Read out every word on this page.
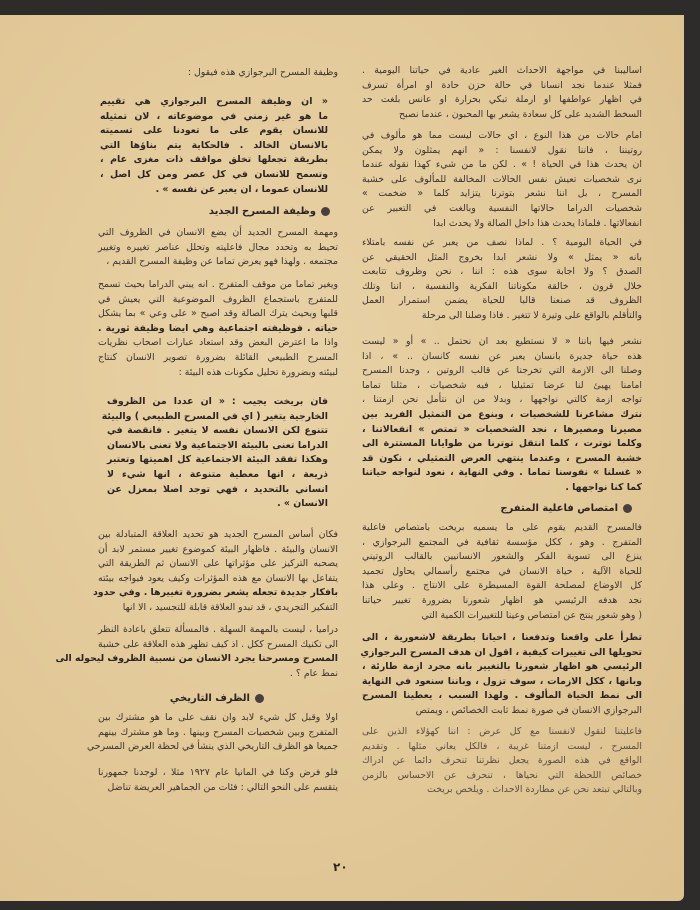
اساليبنا في مواجهة الاحداث الغير عادية في حياتنا اليومية .
فمثلا عندما نجد انسانا في حالة حزن حادة او امرأة تسرف
في اظهار عواطفها او ارملة تبكي بحرارة او عانس بلغت حد
السخط الشديد على كل سعادة يشعر بها المحبون ، عندما نصبح
امام حالات من هذا النوع ، اي حالات ليست مما هو مألوف في
روتيننا ، فاننا نقول لانفسنا : « انهم يمثلون ولا يمكن
ان يحدث هذا في الحياة ! » . لكن ما من شيء كهذا نقوله عندما
نرى شخصيات تعيش نفس الحالات المخالفة للمألوف على خشبة
المسرح ، بل اننا نشعر بتوترنا يتزايد كلما « ضخمت »
شخصيات الدراما حالاتها النفسية وبالغت في التعبير عن
انفعالاتها . فلماذا يحدث هذا داخل الصالة ولا يحدث ابدا
في الحياة اليومية ؟ . لماذا نصف من يعبر عن نفسه بامتلاء
بانه « يمثل » ولا نشعر ابدا بخروج المثل الحقيقي عن
الصدق ؟ ولا اجابة سوى هذه : اننا ، نحن وظروف تتابعت
خلال قرون ، خالقة مكوناتنا الفكرية والنفسية ، اننا وتلك
الظروف قد صنعنا قالبا للحياة يضمن استمرار العمل
والتأقلم بالواقع على وتيرة لا تتغير . فاذا وصلنا الى مرحلة
نشعر فيها باننا « لا نستطيع بعد ان نحتمل .. » أو « ليست
هذه حياة جديرة بانسان يعبر عن نفسه كانسان .. » ، اذا
وصلنا الى الازمة التي تخرجنا عن قالب الروتين ، وجدنا المسرح
امامنا يهيئ لنا عرضا تمثيليا ، فيه شخصيات ، مثلنا تماما
تواجه ازمة كالتي نواجهها ، وبدلا من ان نتأمل نحن ازمتنا ،
نترك مشاعرنا للشخصيات ، وبنوع من التمثيل الفريد بين
مصيرنا ومصيرها ، نجد الشخصيات « تمتص » انفعالاتنا ،
وكلما توترت ، كلما انتقل توترنا من طوايانا المستترة الى
خشبة المسرح ، وعندما ينتهي العرض التمثيلي ، نكون قد
« غسلنا » نفوسنا تماما . وفي النهاية ، نعود لنواجه حياتنا
كما كنا نواجهها .
امتصاص فاعلية المتفرج
فالمسرح القديم يقوم على ما يسميه بريخت بامتصاص فاعلية
المتفرج . وهو ، ككل مؤسسة ثقافية في المجتمع البرجوازي ،
ينزع الى تسوية الفكر والشعور الانسانيين بالقالب الروتيني
للحياة الآلية ، حياة الانسان في مجتمع رأسمالي يحاول تجميد
كل الاوضاع لمصلحة القوة المسيطرة على الانتاج . وعلى هذا
نجد هدفه الرئيسي هو اظهار شعورنا بضرورة تغيير حياتنا
( وهو شعور ينتج عن امتصاص وعينا للتغييرات الكمية التي
تطرأ على واقعنا وتدفعنا ، احيانا بطريقة لاشعورية ، الى
تحويلها الى تغييرات كيفية ، اقول ان هدف المسرح البرجوازي
الرئيسي هو اظهار شعورنا بالتغيير بانه مجرد ازمة طارئة ،
وبانها ، ككل الازمات ، سوف تزول ، وباننا سنعود في النهاية
الى نمط الحياة المألوف . ولهذا السبب ، يعطينا المسرح
البرجوازي الانسان في صورة نمط ثابت الخصائص ، ويمتص
فاعليتنا لنقول لانفسنا مع كل عرض : اننا كهؤلاء الذين على
المسرح ، ليست ازمتنا غريبة ، فالكل يعاني مثلها . وتقديم
الواقع في هذه الصورة يجعل نظرتنا تنحرف دائما عن ادراك
خصائص اللحظة التي نحياها ، تنحرف عن الاحساس بالزمن
وبالتالي تبتعد نحن عن مطاردة الاحداث . ويلخص بريخت
وظيفة المسرح البرجوازي هذه فيقول :
« ان وظيفة المسرح البرجوازي هي تقييم
ما هو غير زمني في موضوعاته ، لان تمثيله
للانسان يقوم على ما تعودنا على تسميته
بالانسان الخالد . فالحكاية يتم بناؤها التي
بطريقة تجعلها تخلق مواقف ذات مغزى عام ،
وتسمح للانسان في كل عصر ومن كل اصل ،
للانسان عموما ، ان يعبر عن نفسه » .
وظيفة المسرح الجديد
ومهمة المسرح الجديد أن يضع الانسان في الظروف التي
تحيط به وتحدد مجال فاعليته وتحلل عناصر تغييره وتغيير
مجتمعه . ولهذا فهو يعرض تماما عن وظيفة المسرح القديم ،
ويغير تماما من موقف المتفرج . انه يبني الدراما بحيث تسمح
للمتفرج باستجماع الظروف الموضوعية التي يعيش في
قلبها وبحيث يترك الصالة وقد اصبح « على وعي » بما يشكل
حياته . فوظيفته اجتماعية وهي ايضا وظيفة ثورية .
واذا ما اعترض البعض وقد استعاد عبارات اصحاب نظريات
المسرح الطبيعي القائلة بضرورة تصوير الانسان كنتاج
لبيئته وبضرورة تحليل مكونات هذه البيئة :
فان بريخت يجيب : « ان عددا من الظروف
الخارجية يتغير ( اي في المسرح الطبيعي ) والبيئة
تتنوع لكن الانسان نفسه لا يتغير . فانقصة في
الدراما تعنى بالبيئة الاجتماعية ولا تعنى بالانسان
وهكذا تفقد البيئة الاجتماعية كل اهميتها وتعتبر
ذريعة ، انها معطية متنوعة ، انها شيء لا
انساني بالتحديد ، فهي توجد اصلا بمعزل عن
الانسان » .
فكان أساس المسرح الجديد هو تحديد العلاقة المتبادلة بين
الانسان والبيئة . فاظهار البيئة كموضوع تغيير مستمر لابد أن
يصحبه التركيز على مؤثراتها على الانسان ثم الطريقة التي
يتفاعل بها الانسان مع هذه المؤثرات وكيف يعود فيواجه بيئته
بافكار جديدة تجعله يشعر بضرورة تغييرها . وفي حدود
التفكير التجريدي ، قد تبدو العلاقة قابلة للتجسيد ، الا انها
دراميا ، ليست بالمهمة السهلة . فالمسألة تتعلق باعادة النظر
الى تكنيك المسرح ككل . اذ كيف تظهر هذه العلاقة على خشبة
المسرح ومسرحنا يجرد الانسان من نسبية الظروف ليحوله الى
نمط عام ؟ .
الظرف التاريخي
اولا وقبل كل شيء لابد وان نقف على ما هو مشترك بين
المتفرج وبين شخصيات المسرح وبينها . وما هو مشترك بينهم
جميعا هو الظرف التاريخي الذي ينشأ في لحظة العرض المسرحي
فلو فرض وكنا في المانيا عام ١٩٢٧ مثلا ، لوجدنا جمهورنا
يتقسم على النحو التالي : فئات من الجماهير العريضة تناضل
٢٠
